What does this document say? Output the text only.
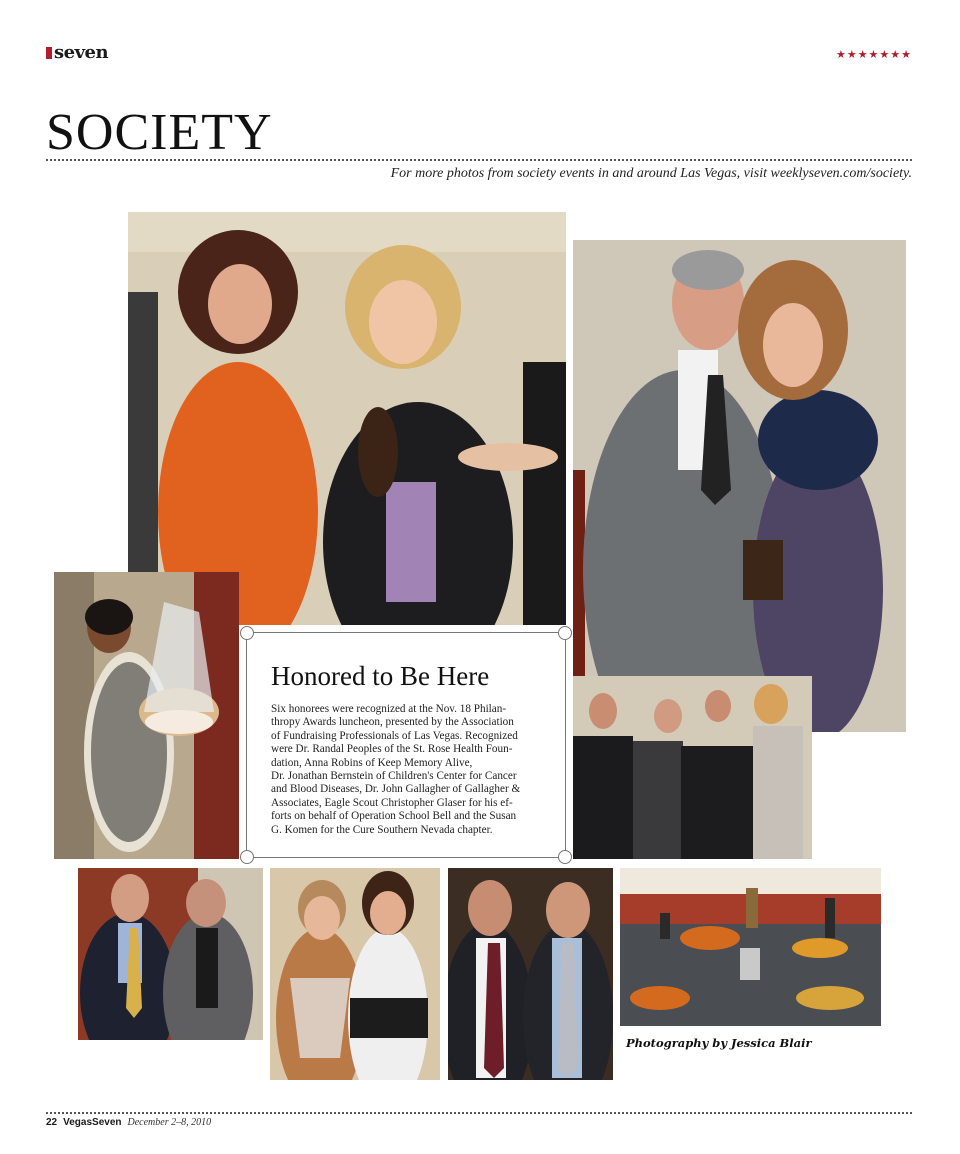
seven	★★★★★★★
SOCIETY
For more photos from society events in and around Las Vegas, visit weeklyseven.com/society.
Honored to Be Here

Six honorees were recognized at the Nov. 18 Philan-

thropy Awards luncheon, presented by the Association

of Fundraising Professionals of Las Vegas. Recognized

were Dr. Randal Peoples of the St. Rose Health Foun-

dation, Anna Robins of Keep Memory Alive,

Dr. Jonathan Bernstein of Children's Center for Cancer

and Blood Diseases, Dr. John Gallagher of Gallagher &

Associates, Eagle Scout Christopher Glaser for his ef-

forts on behalf of Operation School Bell and the Susan

G. Komen for the Cure Southern Nevada chapter.

Photography by Jessica Blair
22 VegasSeven December 2–8, 2010
